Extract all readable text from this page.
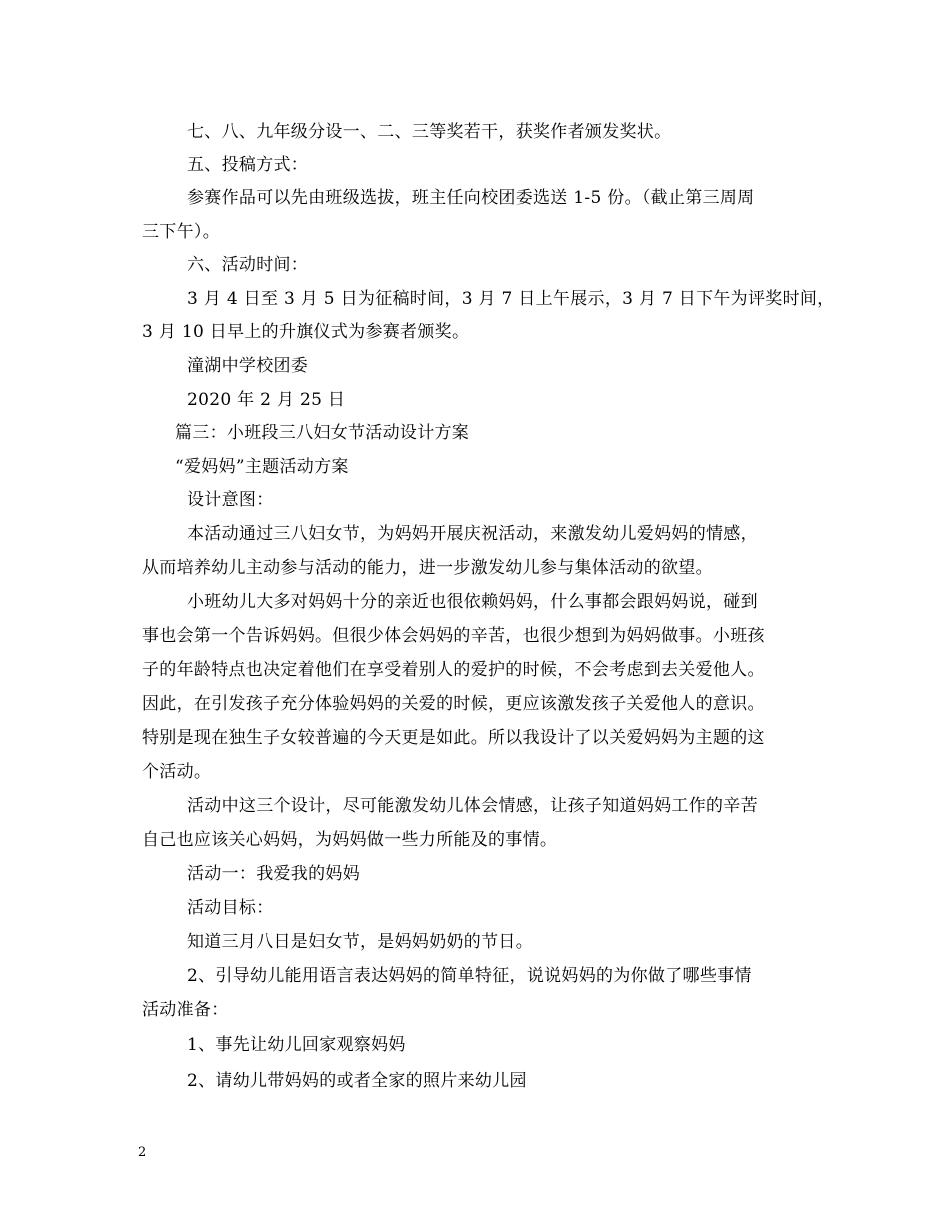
七、八、九年级分设一、二、三等奖若干，获奖作者颁发奖状。
五、投稿方式：
参赛作品可以先由班级选拔，班主任向校团委选送 1-5 份。（截止第三周周
三下午）。
六、活动时间：
3 月 4 日至 3 月 5 日为征稿时间，3 月 7 日上午展示，3 月 7 日下午为评奖时间，
3 月 10 日早上的升旗仪式为参赛者颁奖。
潼湖中学校团委
2020 年 2 月 25 日
篇三：小班段三八妇女节活动设计方案
“爱妈妈”主题活动方案
设计意图：
本活动通过三八妇女节，为妈妈开展庆祝活动，来激发幼儿爱妈妈的情感，
从而培养幼儿主动参与活动的能力，进一步激发幼儿参与集体活动的欲望。
小班幼儿大多对妈妈十分的亲近也很依赖妈妈，什么事都会跟妈妈说，碰到
事也会第一个告诉妈妈。但很少体会妈妈的辛苦，也很少想到为妈妈做事。小班孩
子的年龄特点也决定着他们在享受着别人的爱护的时候，不会考虑到去关爱他人。
因此，在引发孩子充分体验妈妈的关爱的时候，更应该激发孩子关爱他人的意识。
特别是现在独生子女较普遍的今天更是如此。所以我设计了以关爱妈妈为主题的这
个活动。
活动中这三个设计，尽可能激发幼儿体会情感，让孩子知道妈妈工作的辛苦
自己也应该关心妈妈，为妈妈做一些力所能及的事情。
活动一：我爱我的妈妈
活动目标：
知道三月八日是妇女节，是妈妈奶奶的节日。
2、引导幼儿能用语言表达妈妈的简单特征，说说妈妈的为你做了哪些事情
活动准备：
1、事先让幼儿回家观察妈妈
2、请幼儿带妈妈的或者全家的照片来幼儿园
2
